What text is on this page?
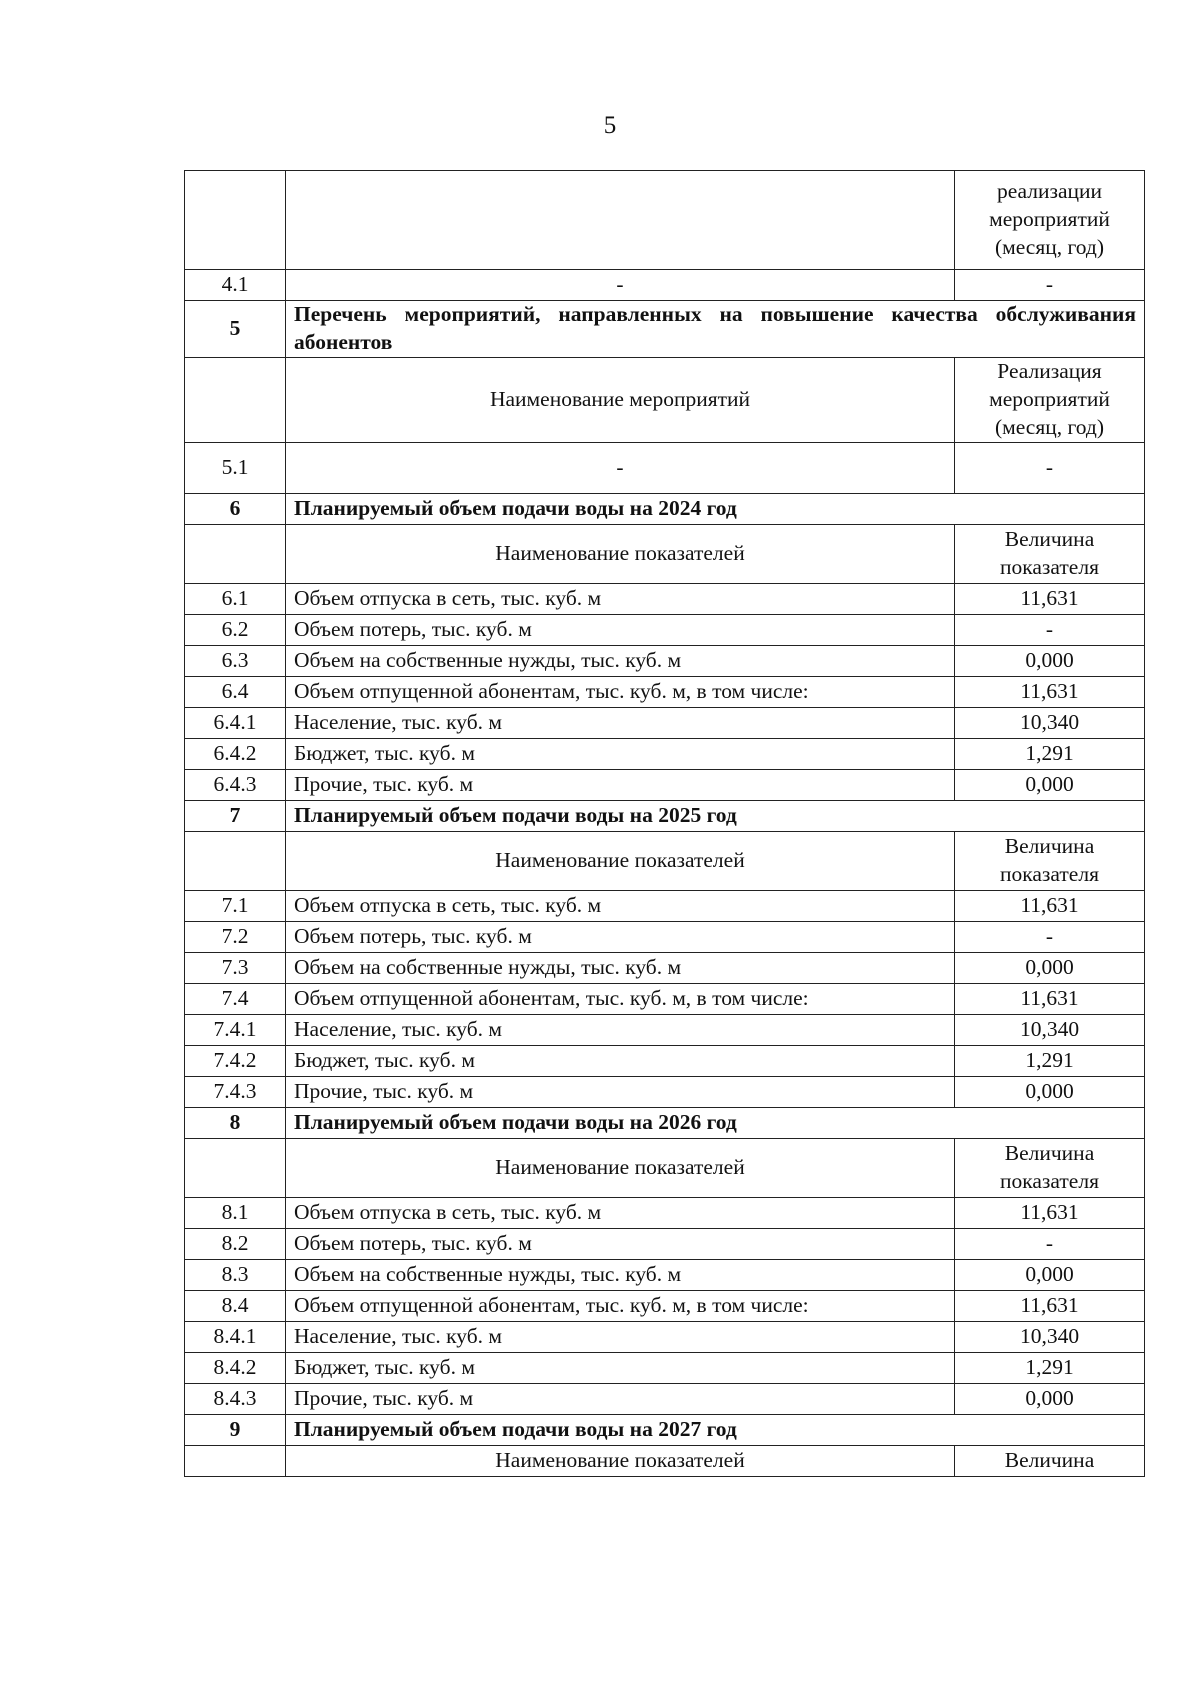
5
		реализации мероприятий (месяц, год)
4.1	-	-
5	Перечень мероприятий, направленных на повышение качества обслуживания абонентов	
	Наименование мероприятий	Реализация мероприятий (месяц, год)
5.1	-	-
6	Планируемый объем подачи воды на 2024 год	
	Наименование показателей	Величина показателя
6.1	Объем отпуска в сеть, тыс. куб. м	11,631
6.2	Объем потерь, тыс. куб. м	-
6.3	Объем на собственные нужды, тыс. куб. м	0,000
6.4	Объем отпущенной абонентам, тыс. куб. м, в том числе:	11,631
6.4.1	Население, тыс. куб. м	10,340
6.4.2	Бюджет, тыс. куб. м	1,291
6.4.3	Прочие, тыс. куб. м	0,000
7	Планируемый объем подачи воды на 2025 год	
	Наименование показателей	Величина показателя
7.1	Объем отпуска в сеть, тыс. куб. м	11,631
7.2	Объем потерь, тыс. куб. м	-
7.3	Объем на собственные нужды, тыс. куб. м	0,000
7.4	Объем отпущенной абонентам, тыс. куб. м, в том числе:	11,631
7.4.1	Население, тыс. куб. м	10,340
7.4.2	Бюджет, тыс. куб. м	1,291
7.4.3	Прочие, тыс. куб. м	0,000
8	Планируемый объем подачи воды на 2026 год	
	Наименование показателей	Величина показателя
8.1	Объем отпуска в сеть, тыс. куб. м	11,631
8.2	Объем потерь, тыс. куб. м	-
8.3	Объем на собственные нужды, тыс. куб. м	0,000
8.4	Объем отпущенной абонентам, тыс. куб. м, в том числе:	11,631
8.4.1	Население, тыс. куб. м	10,340
8.4.2	Бюджет, тыс. куб. м	1,291
8.4.3	Прочие, тыс. куб. м	0,000
9	Планируемый объем подачи воды на 2027 год	
	Наименование показателей	Величина
